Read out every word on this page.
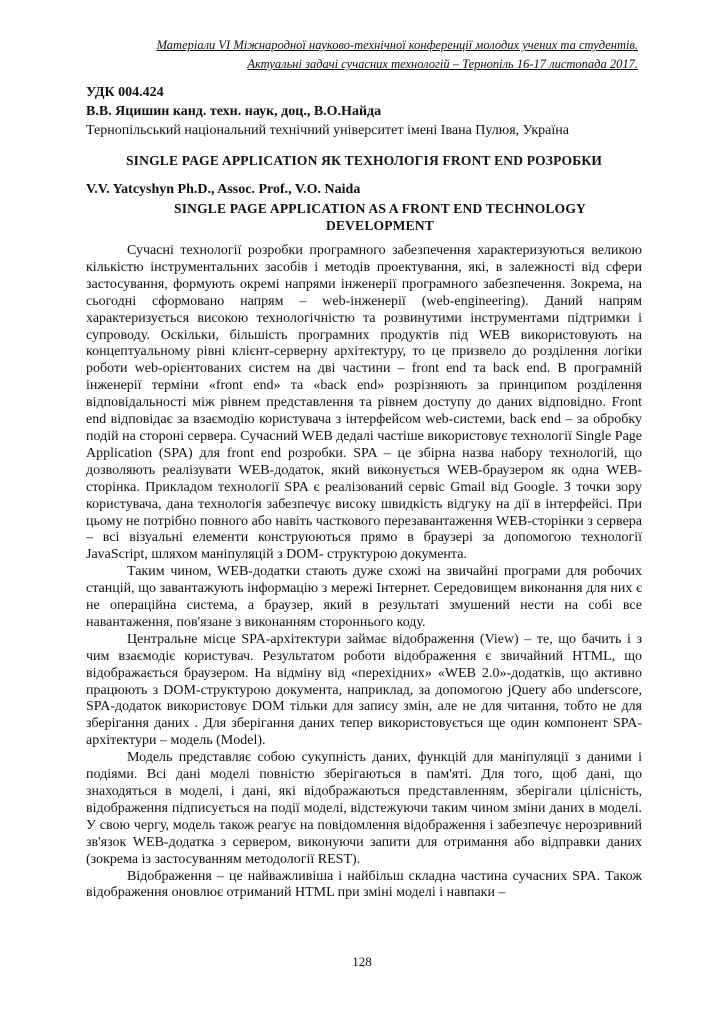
Матеріали VI Міжнародної науково-технічної конференції молодих учених та студентів.
Актуальні задачі сучасних технологій – Тернопіль 16-17 листопада 2017.
УДК 004.424
В.В. Яцишин канд. техн. наук, доц., В.О.Найда
Тернопільський національний технічний університет імені Івана Пулюя, Україна
SINGLE PAGE APPLICATION ЯК ТЕХНОЛОГІЯ FRONT END РОЗРОБКИ
V.V. Yatcyshyn Ph.D., Assoc. Prof., V.O. Naida
SINGLE PAGE APPLICATION AS A FRONT END TECHNOLOGY DEVELOPMENT

Сучасні технології розробки програмного забезпечення характеризуються великою кількістю інструментальних засобів і методів проектування, які, в залежності від сфери застосування, формують окремі напрями інженерії програмного забезпечення. Зокрема, на сьогодні сформовано напрям – web-інженерії (web-engineering). Даний напрям характеризується високою технологічністю та розвинутими інструментами підтримки і супроводу. Оскільки, більшість програмних продуктів під WEB використовують на концептуальному рівні клієнт-серверну архітектуру, то це призвело до розділення логіки роботи web-орієнтованих систем на дві частини – front end та back end. В програмній інженерії терміни «front end» та «back end» розрізняють за принципом розділення відповідальності між рівнем представлення та рівнем доступу до даних відповідно. Front end відповідає за взаємодію користувача з інтерфейсом web-системи, back end – за обробку подій на стороні сервера. Сучасний WEB дедалі частіше використовує технології Single Page Application (SPA) для front end розробки. SPA – це збірна назва набору технологій, що дозволяють реалізувати WEB-додаток, який виконується WEB-браузером як одна WEB-сторінка. Прикладом технології SPA є реалізований сервіс Gmail від Google. З точки зору користувача, дана технологія забезпечує високу швидкість відгуку на дії в інтерфейсі. При цьому не потрібно повного або навіть часткового перезавантаження WEB-сторінки з сервера – всі візуальні елементи конструюються прямо в браузері за допомогою технології JavaScript, шляхом маніпуляцій з DOM- структурою документа.

Таким чином, WEB-додатки стають дуже схожі на звичайні програми для робочих станцій, що завантажують інформацію з мережі Інтернет. Середовищем виконання для них є не операційна система, а браузер, який в результаті змушений нести на собі все навантаження, пов'язане з виконанням стороннього коду.

Центральне місце SPA-архітектури займає відображення (View) – те, що бачить і з чим взаємодіє користувач. Результатом роботи відображення є звичайний HTML, що відображається браузером. На відміну від «перехідних» «WEB 2.0»-додатків, що активно працюють з DOM-структурою документа, наприклад, за допомогою jQuery або underscore, SPA-додаток використовує DOM тільки для запису змін, але не для читання, тобто не для зберігання даних . Для зберігання даних тепер використовується ще один компонент SPA-архітектури – модель (Model).

Модель представляє собою сукупність даних, функцій для маніпуляції з даними і подіями. Всі дані моделі повністю зберігаються в пам'яті. Для того, щоб дані, що знаходяться в моделі, і дані, які відображаються представленням, зберігали цілісність, відображення підписується на події моделі, відстежуючи таким чином зміни даних в моделі. У свою чергу, модель також реагує на повідомлення відображення і забезпечує нерозривний зв'язок WEB-додатка з сервером, виконуючи запити для отримання або відправки даних (зокрема із застосуванням методології REST).

Відображення – це найважливіша і найбільш складна частина сучасних SPA. Також відображення оновлює отриманий HTML при зміні моделі і навпаки –

128
